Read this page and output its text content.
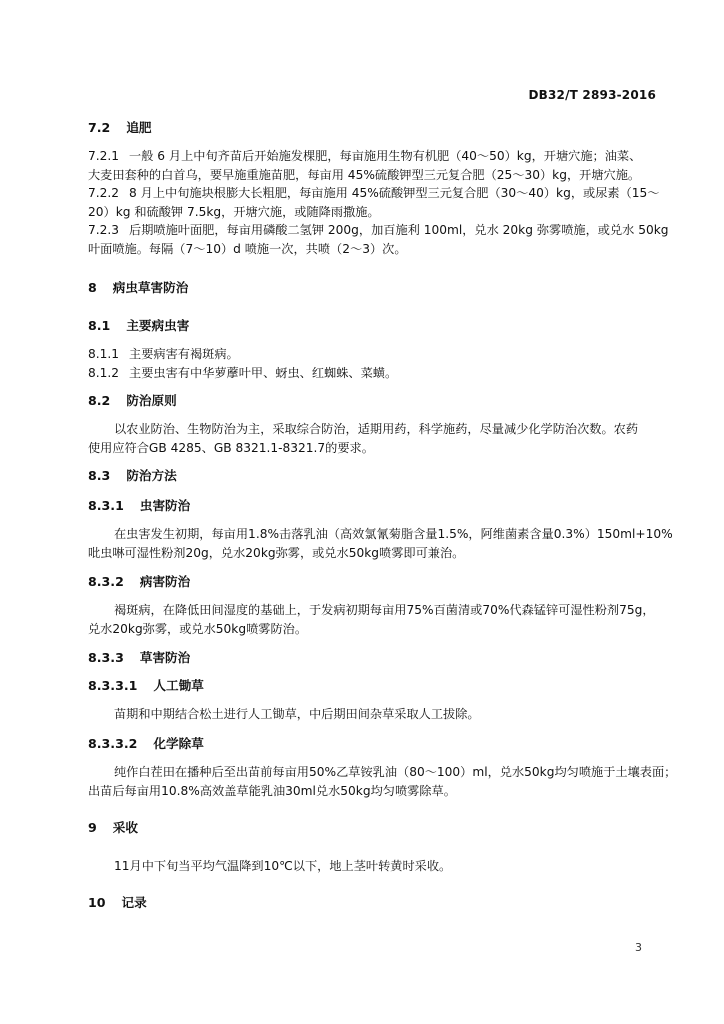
DB32/T 2893-2016
7.2 追肥
7.2.1 一般 6 月上中旬齐苗后开始施发棵肥，每亩施用生物有机肥（40～50）kg，开塘穴施；油菜、
大麦田套种的白首乌，要早施重施苗肥，每亩用 45%硫酸钾型三元复合肥（25～30）kg，开塘穴施。
7.2.2 8 月上中旬施块根膨大长粗肥，每亩施用 45%硫酸钾型三元复合肥（30～40）kg，或尿素（15～
20）kg 和硫酸钾 7.5kg，开塘穴施，或随降雨撒施。
7.2.3 后期喷施叶面肥，每亩用磷酸二氢钾 200g，加百施利 100ml，兑水 20kg 弥雾喷施，或兑水 50kg
叶面喷施。每隔（7～10）d 喷施一次，共喷（2～3）次。
8 病虫草害防治
8.1 主要病虫害
8.1.1 主要病害有褐斑病。
8.1.2 主要虫害有中华萝藦叶甲、蚜虫、红蜘蛛、菜蟥。
8.2 防治原则
以农业防治、生物防治为主，采取综合防治，适期用药，科学施药，尽量减少化学防治次数。农药
使用应符合GB 4285、GB 8321.1-8321.7的要求。
8.3 防治方法
8.3.1 虫害防治
在虫害发生初期，每亩用1.8%击落乳油（高效氯氰菊脂含量1.5%，阿维菌素含量0.3%）150ml+10%
吡虫啉可湿性粉剂20g，兑水20kg弥雾，或兑水50kg喷雾即可兼治。
8.3.2 病害防治
褐斑病，在降低田间湿度的基础上，于发病初期每亩用75%百菌清或70%代森锰锌可湿性粉剂75g，
兑水20kg弥雾，或兑水50kg喷雾防治。
8.3.3 草害防治
8.3.3.1 人工锄草
苗期和中期结合松土进行人工锄草，中后期田间杂草采取人工拔除。
8.3.3.2 化学除草
纯作白茬田在播种后至出苗前每亩用50%乙草铵乳油（80～100）ml，兑水50kg均匀喷施于土壤表面；
出苗后每亩用10.8%高效盖草能乳油30ml兑水50kg均匀喷雾除草。
9 采收
11月中下旬当平均气温降到10℃以下，地上茎叶转黄时采收。
10 记录
3
